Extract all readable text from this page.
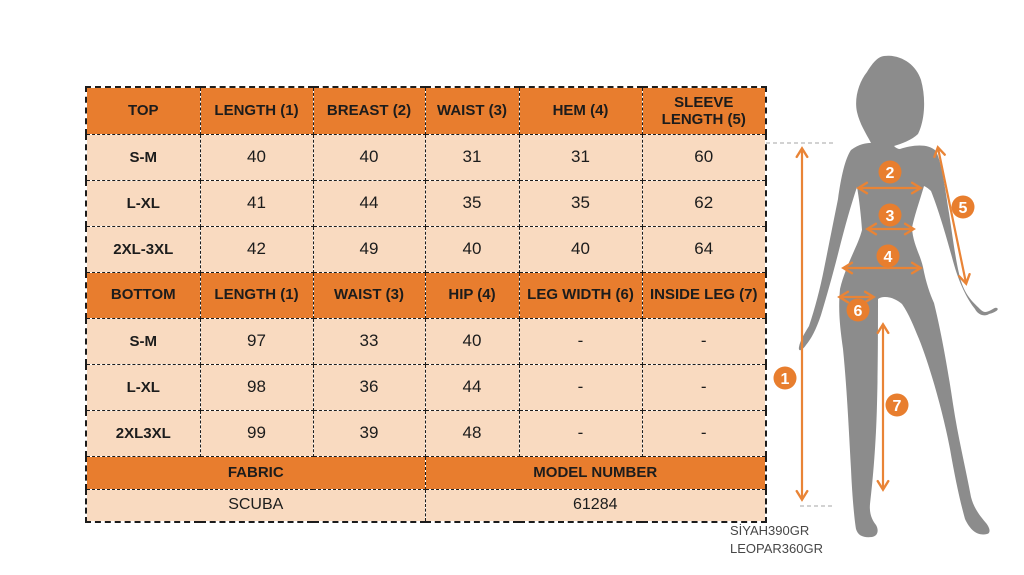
TOP	LENGTH (1)	BREAST (2)	WAIST (3)	HEM (4)	SLEEVE LENGTH (5)
S-M	40	40	31	31	60
L-XL	41	44	35	35	62
2XL-3XL	42	49	40	40	64
BOTTOM	LENGTH (1)	WAIST (3)	HIP (4)	LEG WIDTH (6)	INSIDE LEG (7)
S-M	97	33	40	-	-
L-XL	98	36	44	-	-
2XL3XL	99	39	48	-	-
FABRIC			MODEL NUMBER		
SCUBA			61284		
1
2
3
4
5
6
7
SİYAH390GR
LEOPAR360GR
